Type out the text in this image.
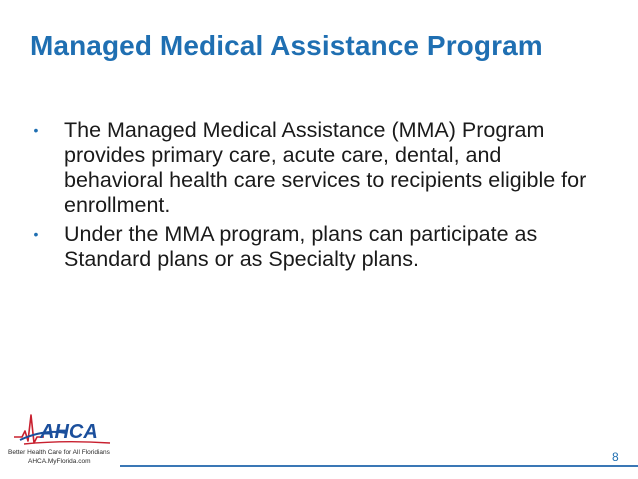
Managed Medical Assistance Program
• The Managed Medical Assistance (MMA) Program provides primary care, acute care, dental, and behavioral health care services to recipients eligible for enrollment.
• Under the MMA program, plans can participate as Standard plans or as Specialty plans.
AHCA
Better Health Care for All Floridians
AHCA.MyFlorida.com	8
